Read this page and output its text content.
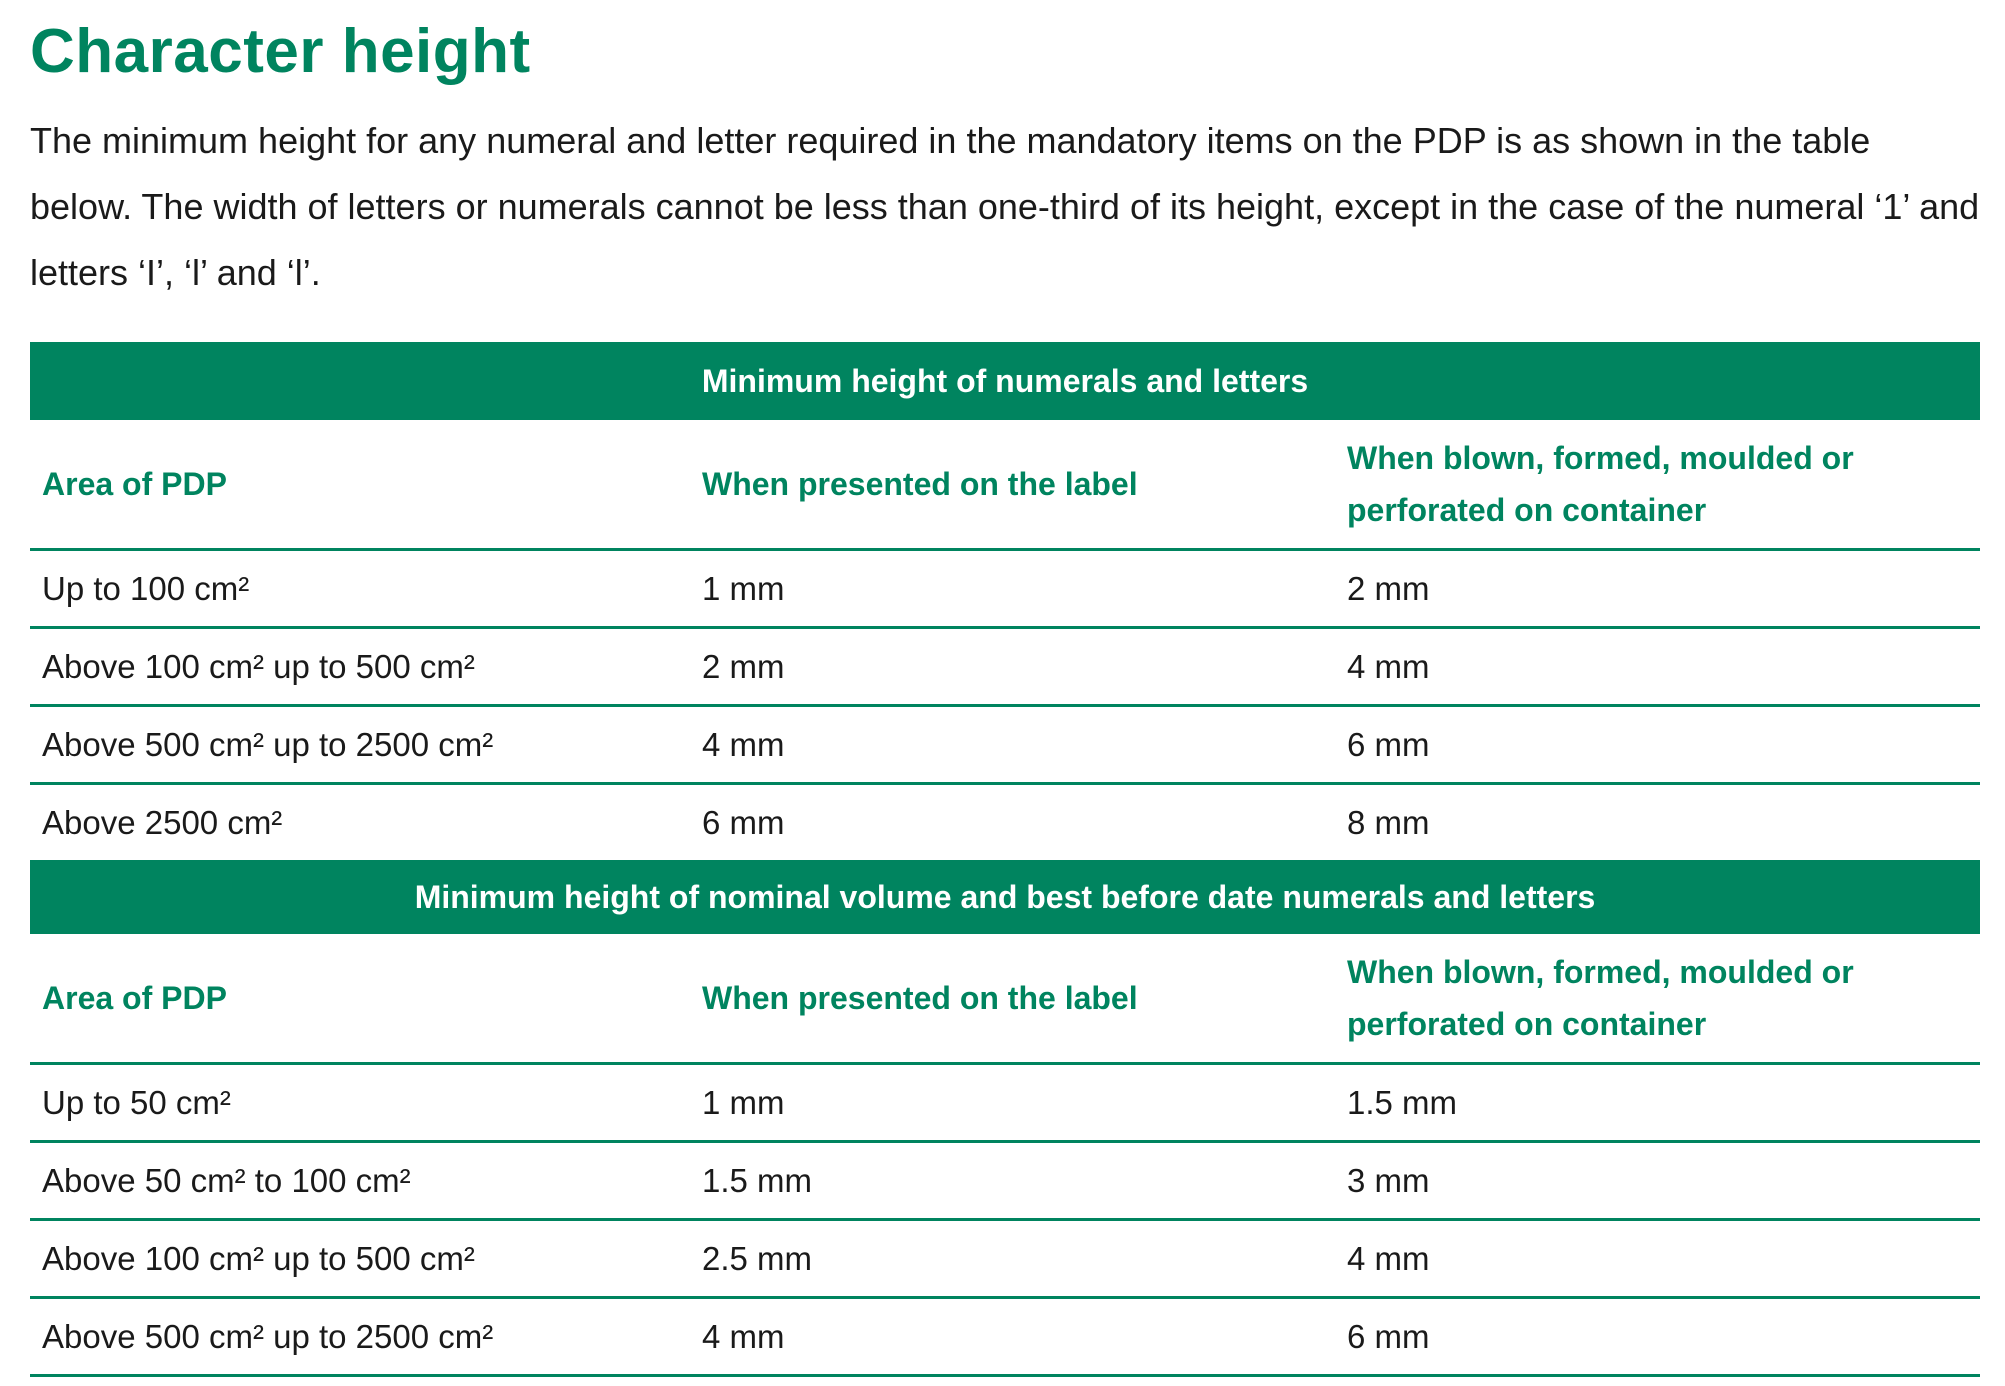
Character height

The minimum height for any numeral and letter required in the mandatory items on the PDP is as shown in the table below. The width of letters or numerals cannot be less than one-third of its height, except in the case of the numeral ‘1’ and letters ‘I’, ‘l’ and ‘l’.

Minimum height of numerals and letters		
Area of PDP	When presented on the label	When blown, formed, moulded or perforated on container
Up to 100 cm²	1 mm	2 mm
Above 100 cm² up to 500 cm²	2 mm	4 mm
Above 500 cm² up to 2500 cm²	4 mm	6 mm
Above 2500 cm²	6 mm	8 mm
Minimum height of nominal volume and best before date numerals and letters		
Area of PDP	When presented on the label	When blown, formed, moulded or perforated on container
Up to 50 cm²	1 mm	1.5 mm
Above 50 cm² to 100 cm²	1.5 mm	3 mm
Above 100 cm² up to 500 cm²	2.5 mm	4 mm
Above 500 cm² up to 2500 cm²	4 mm	6 mm
